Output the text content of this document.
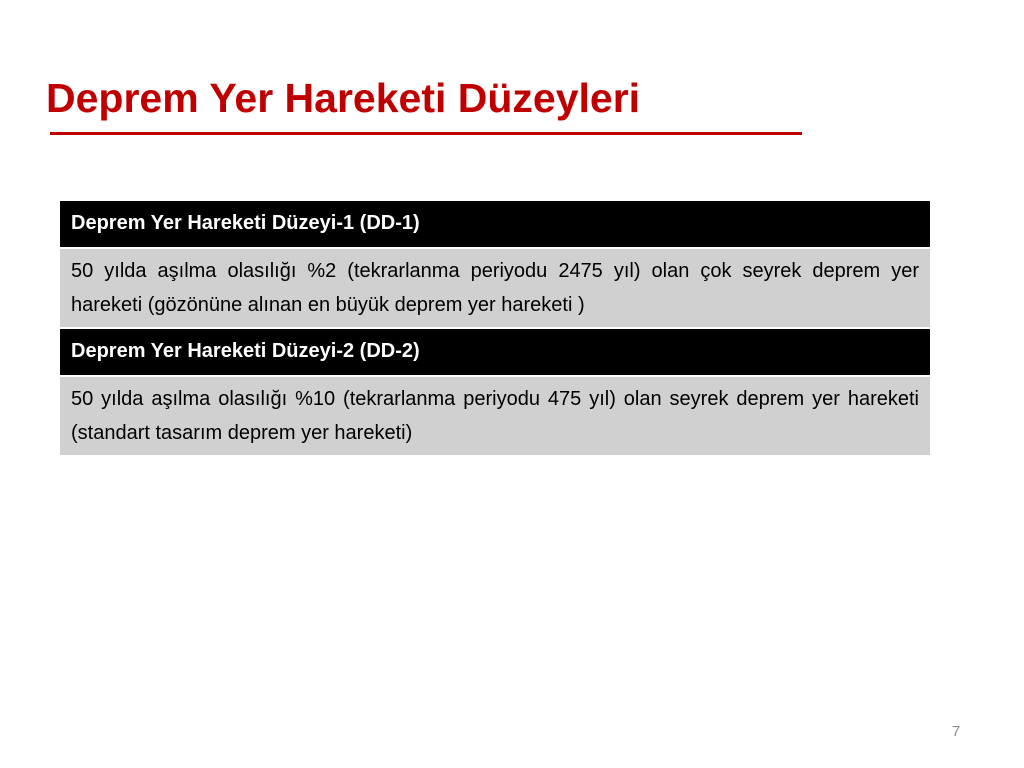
Deprem Yer Hareketi Düzeyleri
Deprem Yer Hareketi Düzeyi-1 (DD-1)
50 yılda aşılma olasılığı %2 (tekrarlanma periyodu 2475 yıl) olan çok seyrek deprem yer hareketi (gözönüne alınan en büyük deprem yer hareketi )
Deprem Yer Hareketi Düzeyi-2 (DD-2)
50 yılda aşılma olasılığı %10 (tekrarlanma periyodu 475 yıl) olan seyrek deprem yer hareketi (standart tasarım deprem yer hareketi)
7
